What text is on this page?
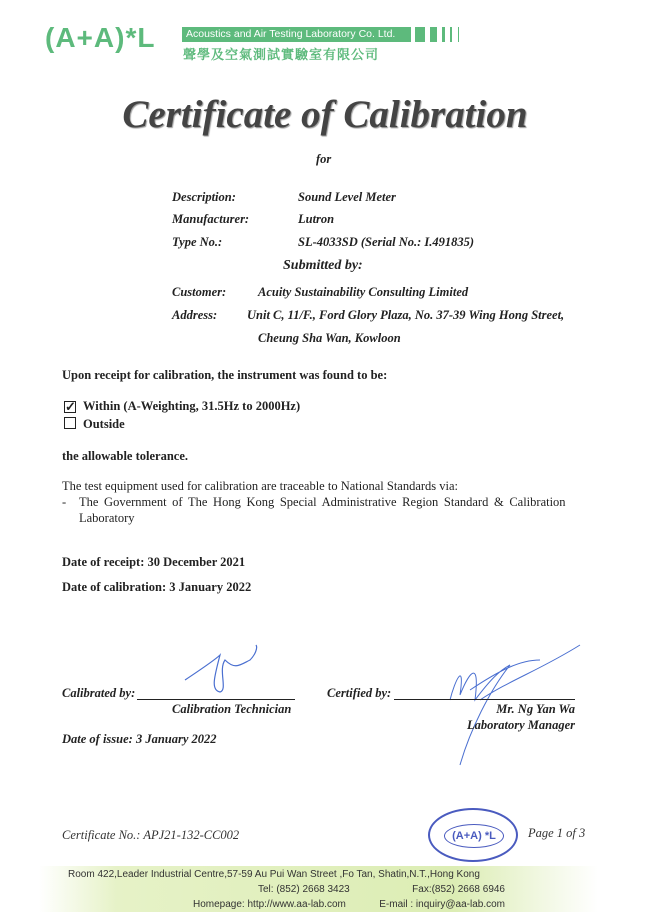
(A+A)*L	Acoustics and Air Testing Laboratory Co. Ltd.
聲學及空氣測試實驗室有限公司
Certificate of Calibration
for
Description:	Sound Level Meter
Manufacturer:	Lutron
Type No.:	SL-4033SD (Serial No.: I.491835)
Submitted by:
Customer:	Acuity Sustainability Consulting Limited
Address: Unit C, 11/F., Ford Glory Plaza, No. 37-39 Wing Hong Street,
Cheung Sha Wan, Kowloon
Upon receipt for calibration, the instrument was found to be:
✓ Within (A-Weighting, 31.5Hz to 2000Hz)
Outside
the allowable tolerance.
The test equipment used for calibration are traceable to National Standards via:
- The Government of The Hong Kong Special Administrative Region Standard & Calibration
Laboratory
Date of receipt: 30 December 2021
Date of calibration: 3 January 2022
Calibrated by:
Calibration Technician
Certified by:
Mr. Ng Yan Wa
Laboratory Manager
Date of issue: 3 January 2022
Certificate No.: APJ21-132-CC002	(A+A) *L	Page 1 of 3
Room 422,Leader Industrial Centre,57-59 Au Pui Wan Street ,Fo Tan, Shatin,N.T.,Hong Kong
Tel: (852) 2668 3423	Fax:(852) 2668 6946
Homepage: http://www.aa-lab.com	E-mail : inquiry@aa-lab.com
